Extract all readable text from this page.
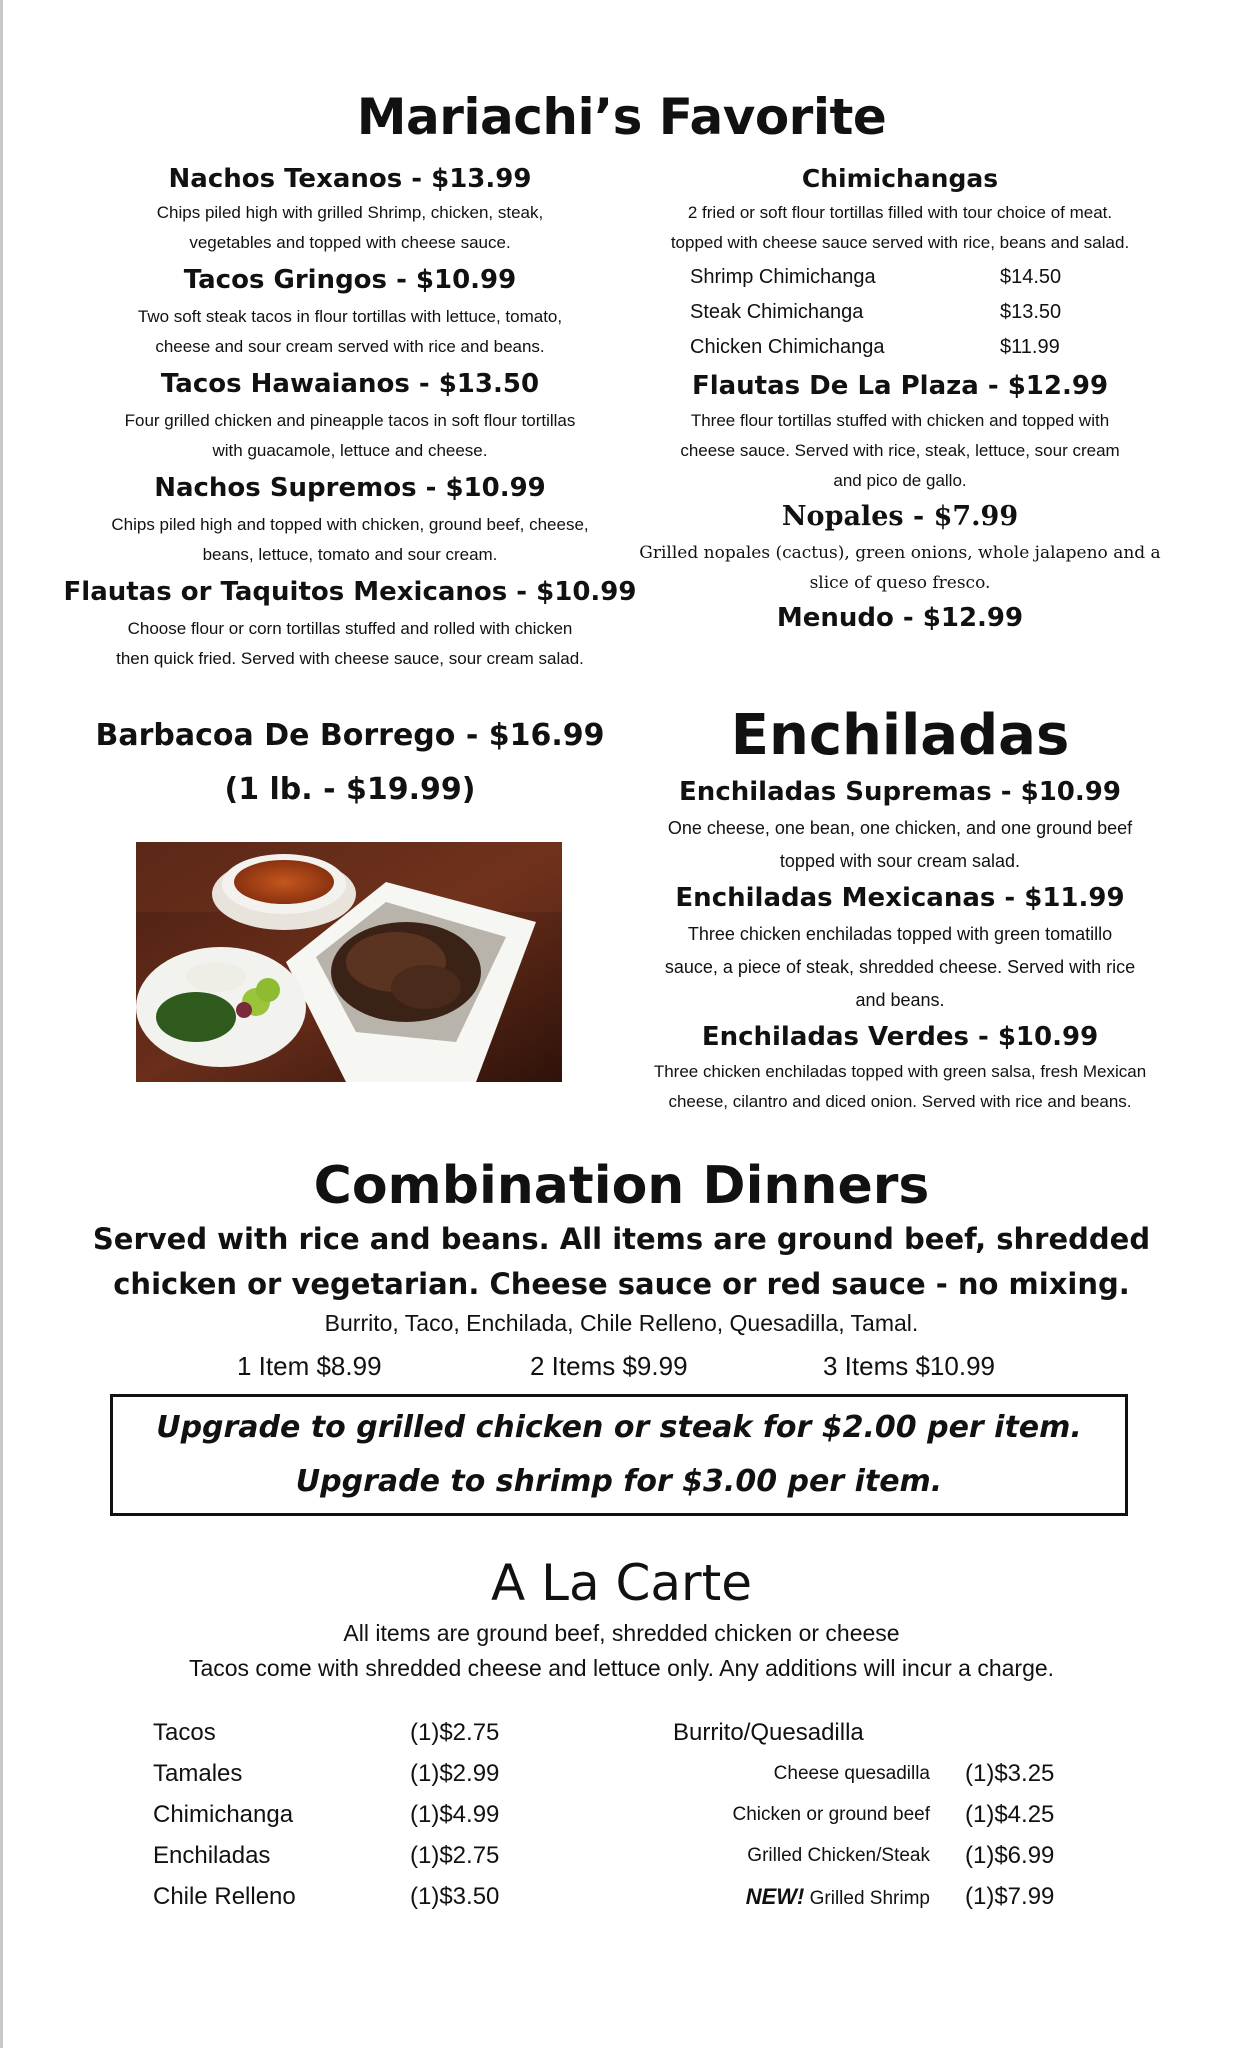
Mariachi’s Favorite
Nachos Texanos - $13.99
Chips piled high with grilled Shrimp, chicken, steak,
vegetables and topped with cheese sauce.
Tacos Gringos - $10.99
Two soft steak tacos in flour tortillas with lettuce, tomato,
cheese and sour cream served with rice and beans.
Tacos Hawaianos - $13.50
Four grilled chicken and pineapple tacos in soft flour tortillas
with guacamole, lettuce and cheese.
Nachos Supremos - $10.99
Chips piled high and topped with chicken, ground beef, cheese,
beans, lettuce, tomato and sour cream.
Flautas or Taquitos Mexicanos - $10.99
Choose flour or corn tortillas stuffed and rolled with chicken
then quick fried. Served with cheese sauce, sour cream salad.
Chimichangas
2 fried or soft flour tortillas filled with tour choice of meat.
topped with cheese sauce served with rice, beans and salad.
Shrimp Chimichanga
Steak Chimichanga
Chicken Chimichanga
$14.50
$13.50
$11.99
Flautas De La Plaza - $12.99
Three flour tortillas stuffed with chicken and topped with
cheese sauce. Served with rice, steak, lettuce, sour cream
and pico de gallo.
Nopales - $7.99
Grilled nopales (cactus), green onions, whole jalapeno and a
slice of queso fresco.
Menudo - $12.99
Barbacoa De Borrego - $16.99
(1 lb. - $19.99)
Enchiladas
Enchiladas Supremas - $10.99
One cheese, one bean, one chicken, and one ground beef
topped with sour cream salad.
Enchiladas Mexicanas - $11.99
Three chicken enchiladas topped with green tomatillo
sauce, a piece of steak, shredded cheese. Served with rice
and beans.
Enchiladas Verdes - $10.99
Three chicken enchiladas topped with green salsa, fresh Mexican
cheese, cilantro and diced onion. Served with rice and beans.
Combination Dinners
Served with rice and beans. All items are ground beef, shredded
chicken or vegetarian. Cheese sauce or red sauce - no mixing.
Burrito, Taco, Enchilada, Chile Relleno, Quesadilla, Tamal.
1 Item $8.99	2 Items $9.99	3 Items $10.99
Upgrade to grilled chicken or steak for $2.00 per item.
Upgrade to shrimp for $3.00 per item.
A La Carte
All items are ground beef, shredded chicken or cheese
Tacos come with shredded cheese and lettuce only. Any additions will incur a charge.
Tacos
Tamales
Chimichanga
Enchiladas
Chile Relleno
(1)$2.75
(1)$2.99
(1)$4.99
(1)$2.75
(1)$3.50
Burrito/Quesadilla
Cheese quesadilla
Chicken or ground beef
Grilled Chicken/Steak
NEW! Grilled Shrimp
(1)$3.25
(1)$4.25
(1)$6.99
(1)$7.99
